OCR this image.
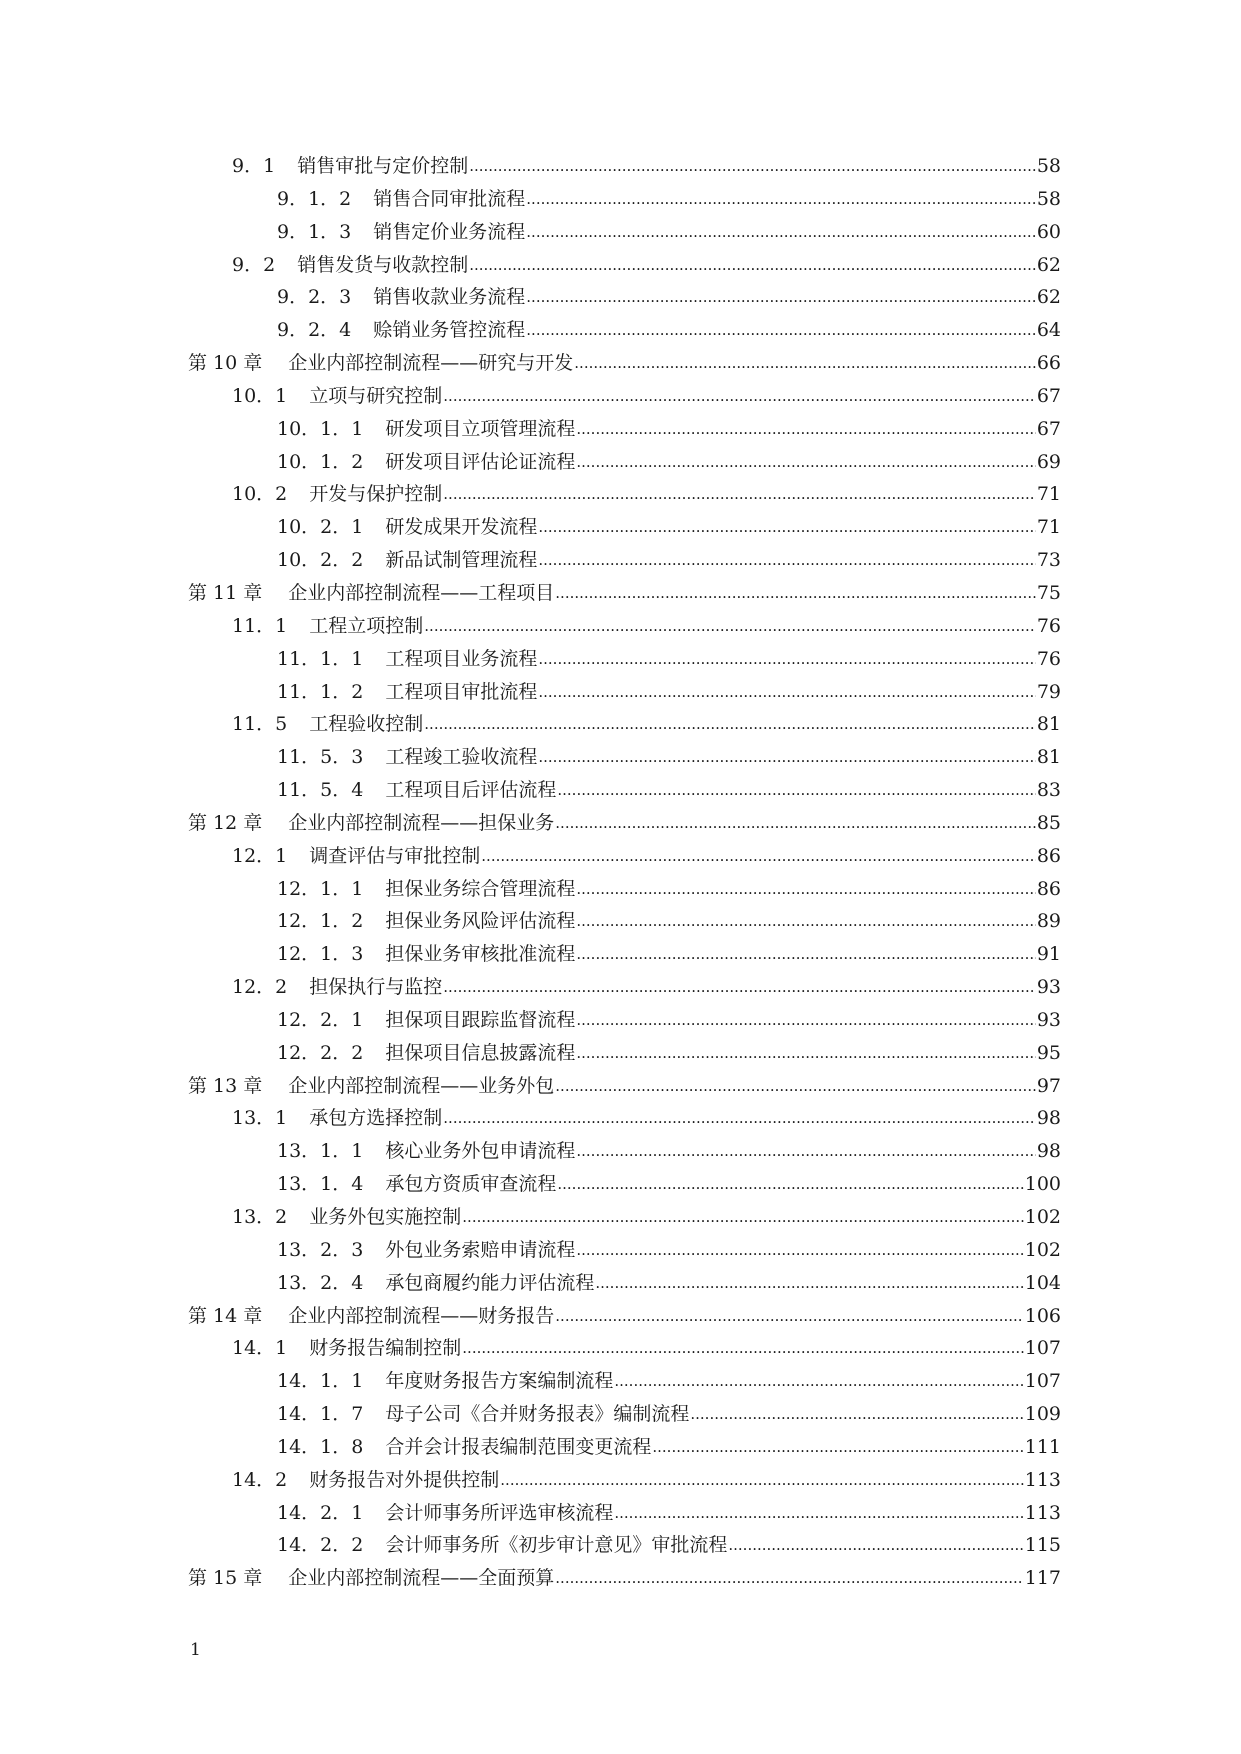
9．1 销售审批与定价控制 .....	58
9．1．2 销售合同审批流程 .....	58
9．1．3 销售定价业务流程 .....	60
9．2 销售发货与收款控制 .....	62
9．2．3 销售收款业务流程 .....	62
9．2．4 赊销业务管控流程 .....	64
第 10 章 企业内部控制流程——研究与开发 .....	66
10．1 立项与研究控制 .....	67
10．1．1 研发项目立项管理流程 .....	67
10．1．2 研发项目评估论证流程 .....	69
10．2 开发与保护控制 .....	71
10．2．1 研发成果开发流程 .....	71
10．2．2 新品试制管理流程 .....	73
第 11 章 企业内部控制流程——工程项目 .....	75
11．1 工程立项控制 .....	76
11．1．1 工程项目业务流程 .....	76
11．1．2 工程项目审批流程 .....	79
11．5 工程验收控制 .....	81
11．5．3 工程竣工验收流程 .....	81
11．5．4 工程项目后评估流程 .....	83
第 12 章 企业内部控制流程——担保业务 .....	85
12．1 调查评估与审批控制 .....	86
12．1．1 担保业务综合管理流程 .....	86
12．1．2 担保业务风险评估流程 .....	89
12．1．3 担保业务审核批准流程 .....	91
12．2 担保执行与监控 .....	93
12．2．1 担保项目跟踪监督流程 .....	93
12．2．2 担保项目信息披露流程 .....	95
第 13 章 企业内部控制流程——业务外包 .....	97
13．1 承包方选择控制 .....	98
13．1．1 核心业务外包申请流程 .....	98
13．1．4 承包方资质审查流程 .....	100
13．2 业务外包实施控制 .....	102
13．2．3 外包业务索赔申请流程 .....	102
13．2．4 承包商履约能力评估流程 .....	104
第 14 章 企业内部控制流程——财务报告 .....	106
14．1 财务报告编制控制 .....	107
14．1．1 年度财务报告方案编制流程 .....	107
14．1．7 母子公司《合并财务报表》编制流程 .....	109
14．1．8 合并会计报表编制范围变更流程 .....	111
14．2 财务报告对外提供控制 .....	113
14．2．1 会计师事务所评选审核流程 .....	113
14．2．2 会计师事务所《初步审计意见》审批流程 .....	115
第 15 章 企业内部控制流程——全面预算 .....	117
1
